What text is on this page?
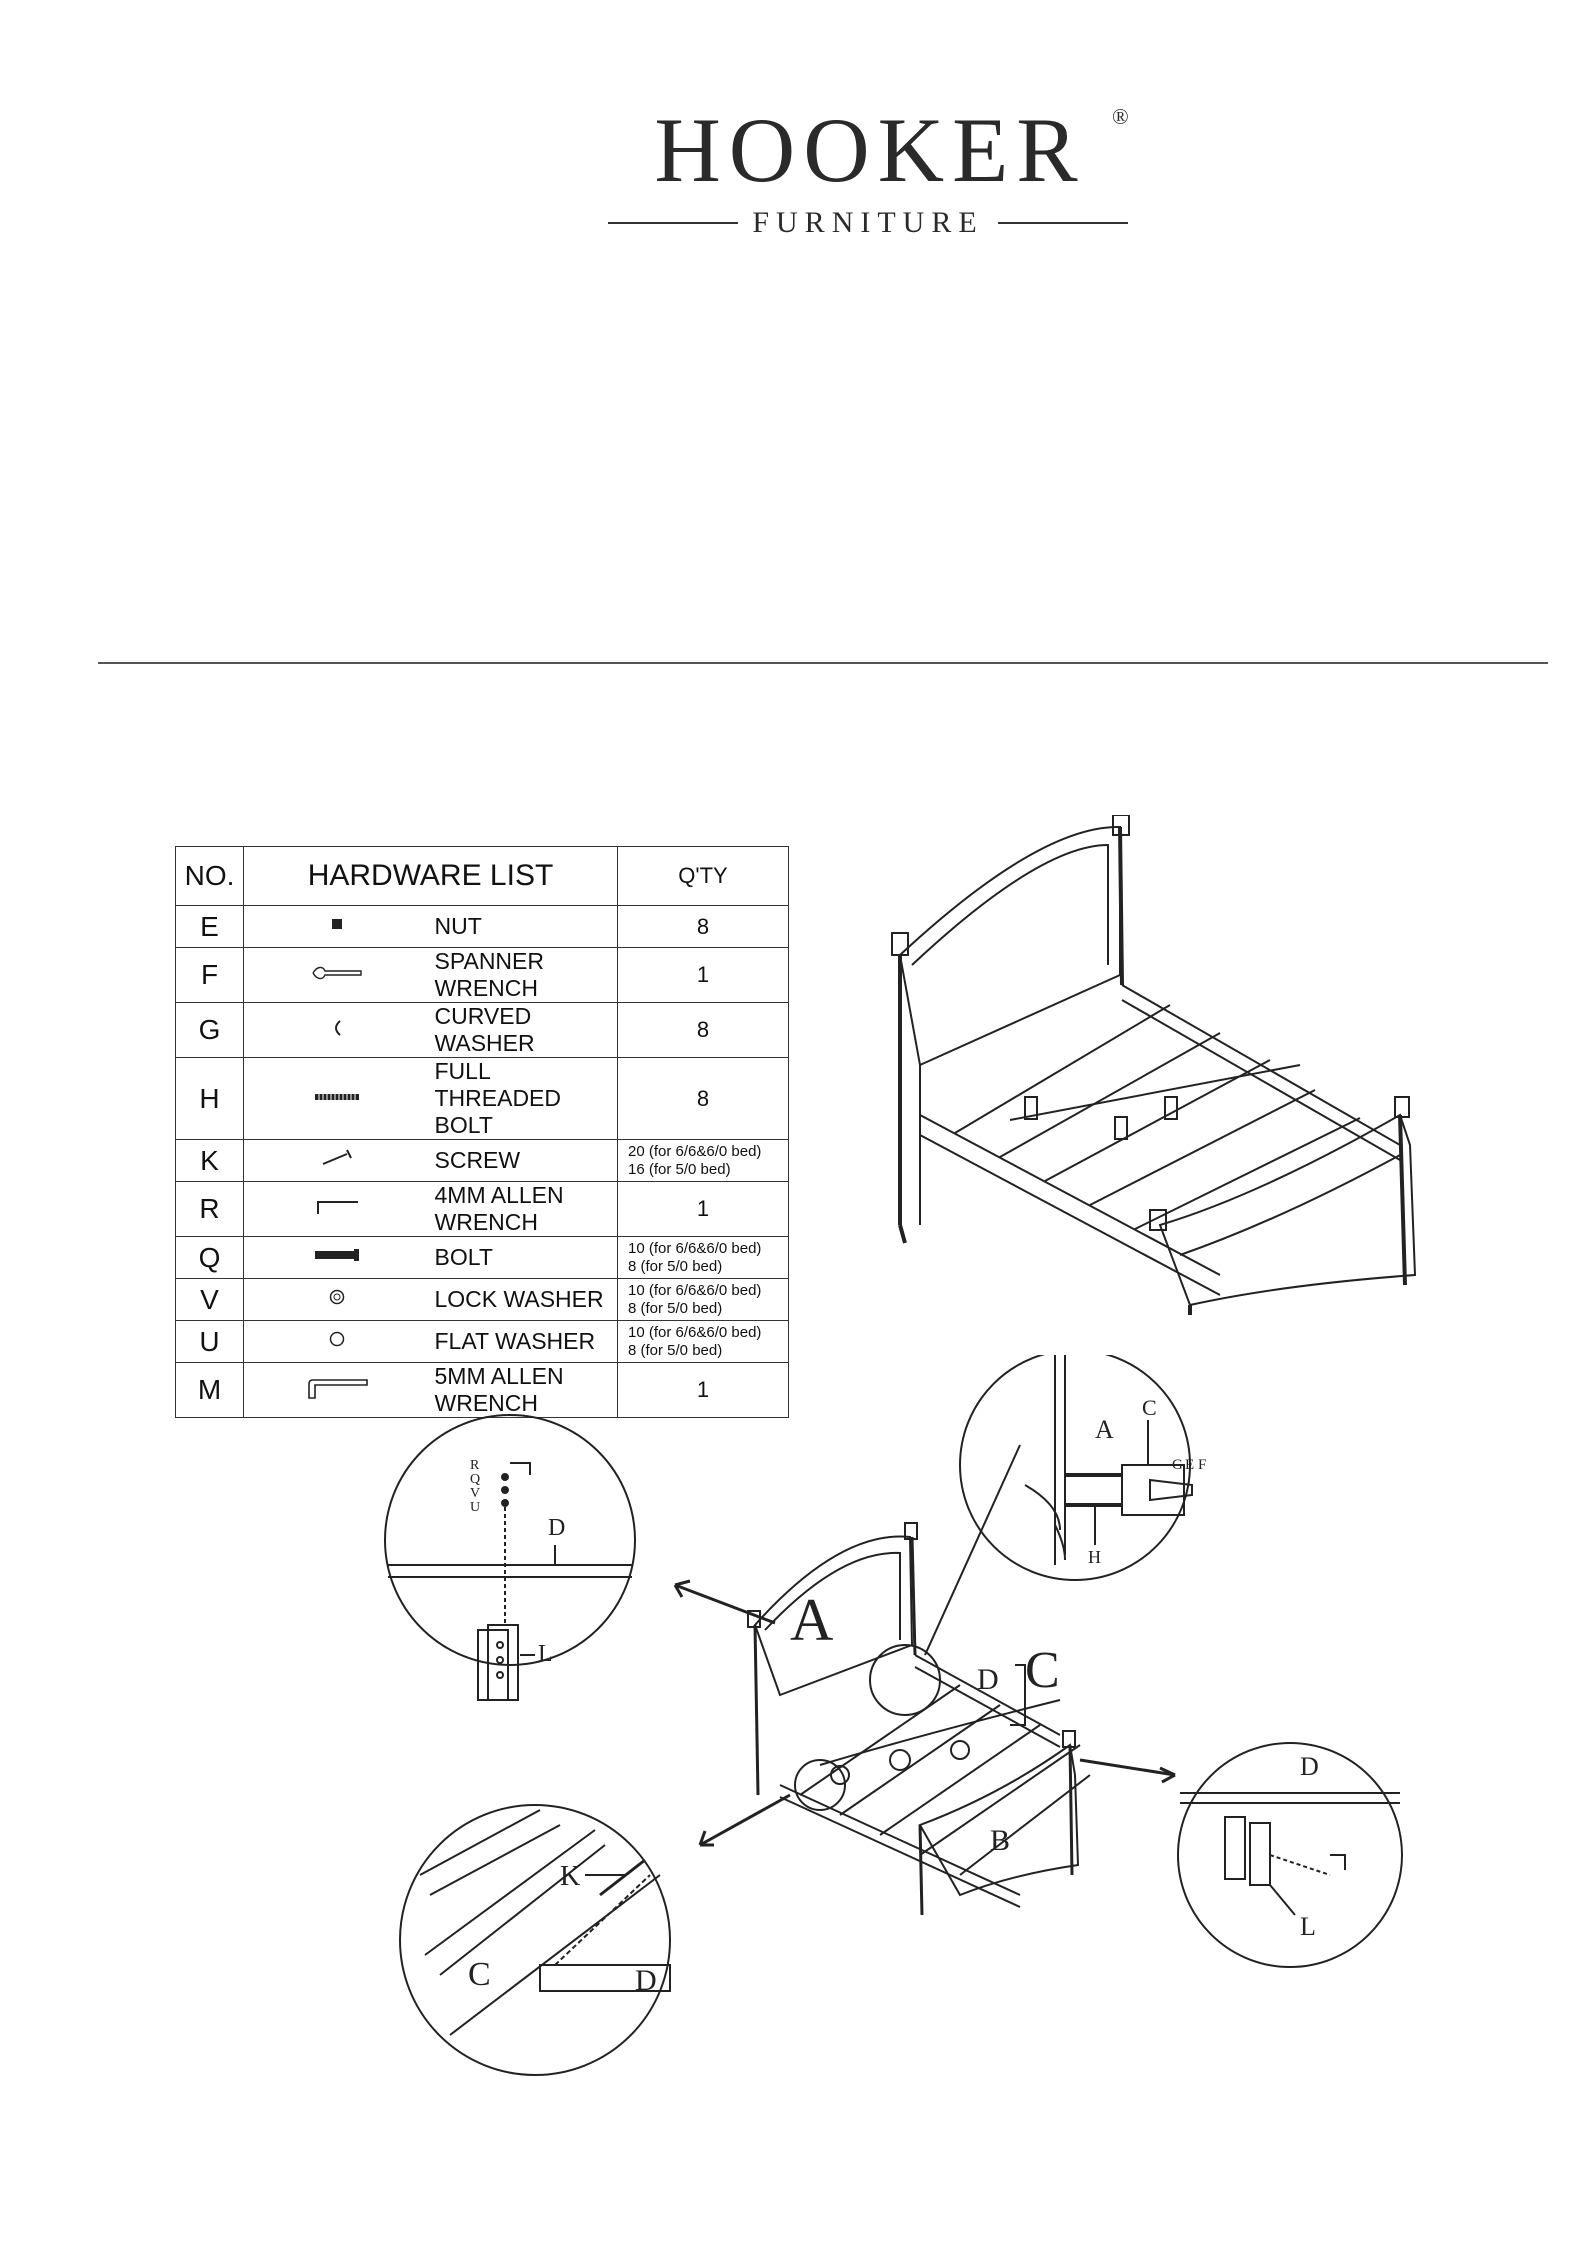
HOOKER	®
FURNITURE
NO.	HARDWARE LIST		Q'TY
E		NUT	8

F		SPANNER WRENCH	1

G		CURVED WASHER	8

H		FULL THREADED BOLT	8

K		SCREW	20 (for 6/6&6/0 bed)
16 (for 5/0 bed)

R		4MM ALLEN WRENCH	1

Q		BOLT	10 (for 6/6&6/0 bed)
8 (for 5/0 bed)

V		LOCK WASHER	10 (for 6/6&6/0 bed)
8 (for 5/0 bed)

U		FLAT WASHER	10 (for 6/6&6/0 bed)
8 (for 5/0 bed)

M		5MM ALLEN WRENCH	1
A
D C
B
R
Q
V
U
D
L
A
C
G E F
H
K
C	D
D
L
